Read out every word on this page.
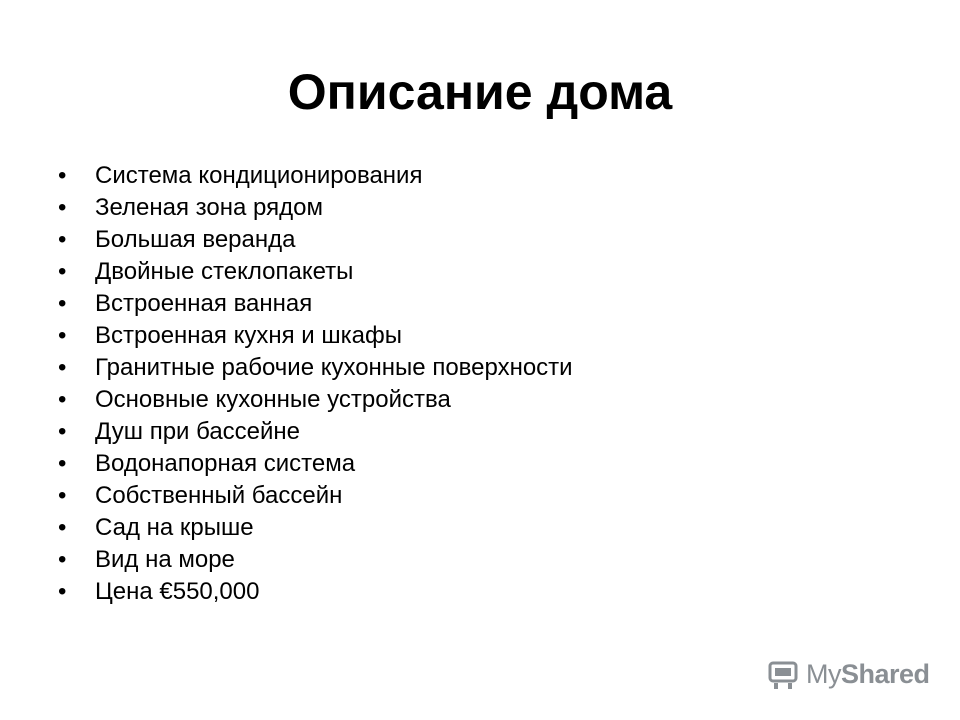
Описание дома
•	Система кондиционирования
•	Зеленая зона рядом
•	Большая веранда
•	Двойные стеклопакеты
•	Встроенная ванная
•	Встроенная кухня и шкафы
•	Гранитные рабочие кухонные поверхности
•	Основные кухонные устройства
•	Душ при бассейне
•	Водонапорная система
•	Собственный бассейн
•	Сад на крыше
•	Вид на море
•	Цена €550,000
MyShared
